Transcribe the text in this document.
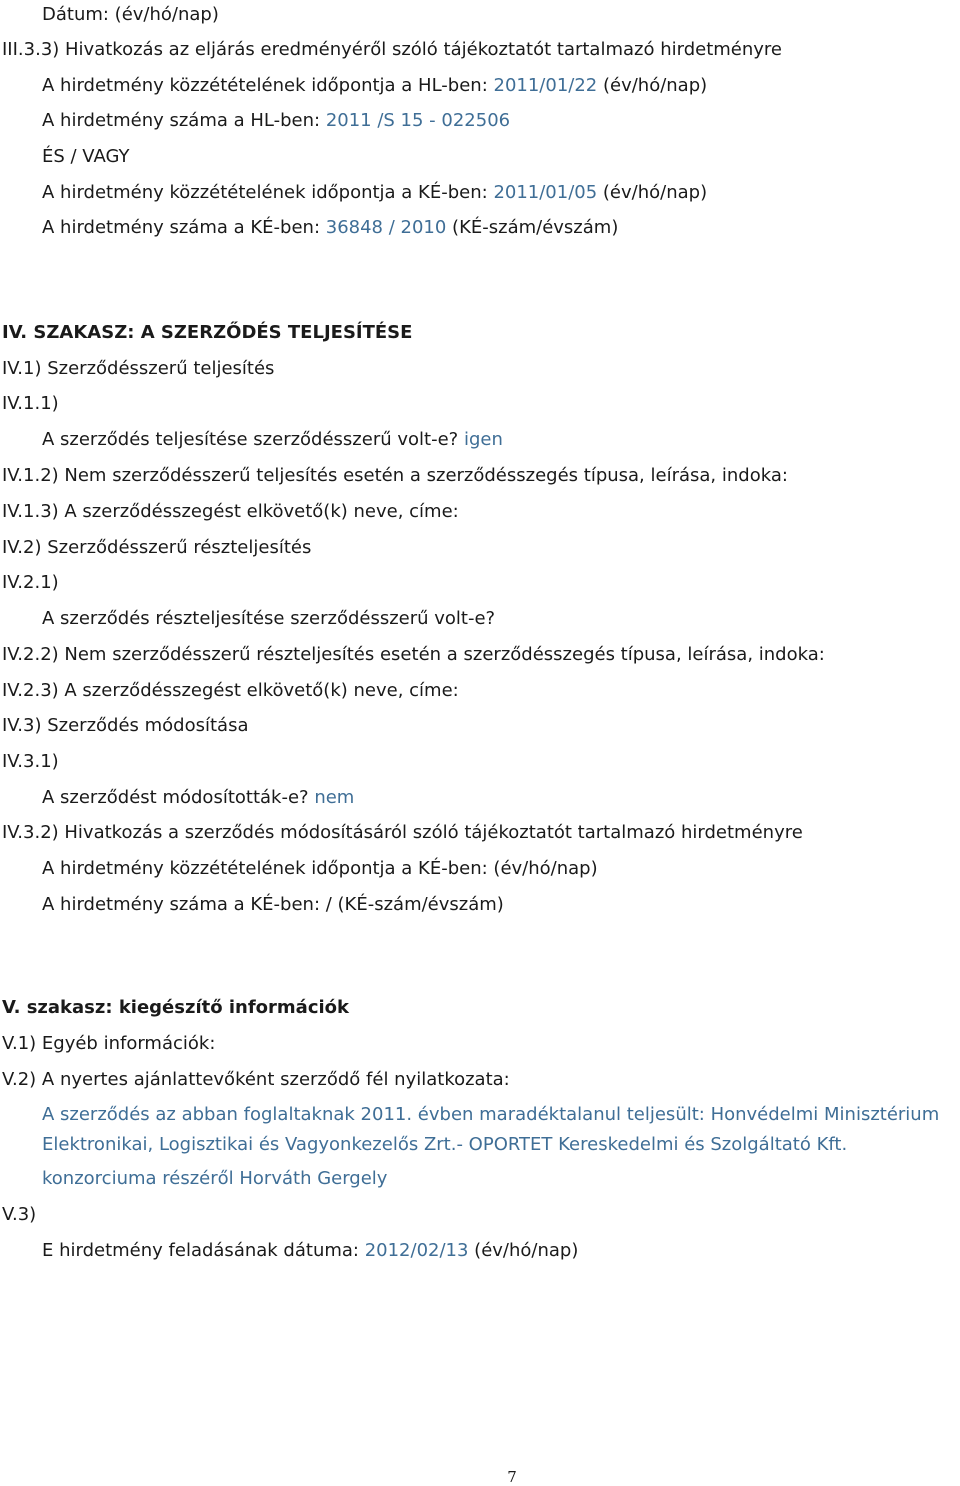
Dátum: (év/hó/nap)
III.3.3) Hivatkozás az eljárás eredményéről szóló tájékoztatót tartalmazó hirdetményre
A hirdetmény közzétételének időpontja a HL-ben: 2011/01/22 (év/hó/nap)
A hirdetmény száma a HL-ben: 2011 /S 15 - 022506
ÉS / VAGY
A hirdetmény közzétételének időpontja a KÉ-ben: 2011/01/05 (év/hó/nap)
A hirdetmény száma a KÉ-ben: 36848 / 2010 (KÉ-szám/évszám)
IV. SZAKASZ: A SZERZŐDÉS TELJESÍTÉSE
IV.1) Szerződésszerű teljesítés
IV.1.1)
A szerződés teljesítése szerződésszerű volt-e? igen
IV.1.2) Nem szerződésszerű teljesítés esetén a szerződésszegés típusa, leírása, indoka:
IV.1.3) A szerződésszegést elkövető(k) neve, címe:
IV.2) Szerződésszerű részteljesítés
IV.2.1)
A szerződés részteljesítése szerződésszerű volt-e?
IV.2.2) Nem szerződésszerű részteljesítés esetén a szerződésszegés típusa, leírása, indoka:
IV.2.3) A szerződésszegést elkövető(k) neve, címe:
IV.3) Szerződés módosítása
IV.3.1)
A szerződést módosították-e? nem
IV.3.2) Hivatkozás a szerződés módosításáról szóló tájékoztatót tartalmazó hirdetményre
A hirdetmény közzétételének időpontja a KÉ-ben: (év/hó/nap)
A hirdetmény száma a KÉ-ben: / (KÉ-szám/évszám)
V. szakasz: kiegészítő információk
V.1) Egyéb információk:
V.2) A nyertes ajánlattevőként szerződő fél nyilatkozata:
A szerződés az abban foglaltaknak 2011. évben maradéktalanul teljesült: Honvédelmi Minisztérium
Elektronikai, Logisztikai és Vagyonkezelős Zrt.- OPORTET Kereskedelmi és Szolgáltató Kft.
konzorciuma részéről Horváth Gergely
V.3)
E hirdetmény feladásának dátuma: 2012/02/13 (év/hó/nap)
7
